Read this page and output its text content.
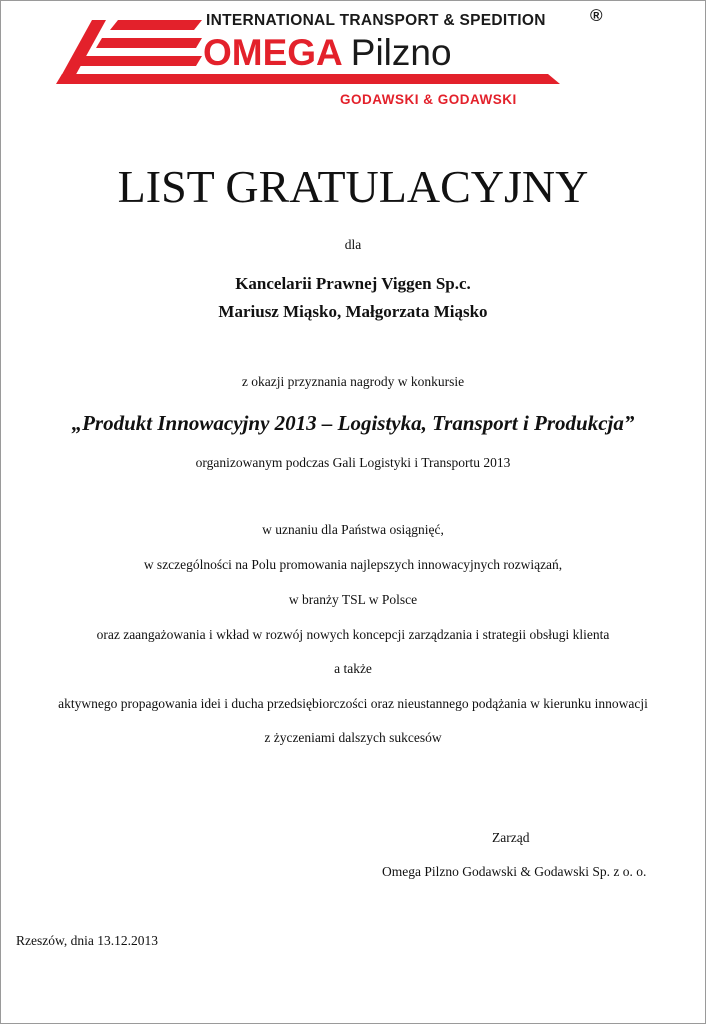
INTERNATIONAL TRANSPORT & SPEDITION	®
OMEGA Pilzno
GODAWSKI & GODAWSKI
LIST GRATULACYJNY
dla
Kancelarii Prawnej Viggen Sp.c.
Mariusz Miąsko, Małgorzata Miąsko
z okazji przyznania nagrody w konkursie
„Produkt Innowacyjny 2013 – Logistyka, Transport i Produkcja”
organizowanym podczas Gali Logistyki i Transportu 2013
w uznaniu dla Państwa osiągnięć,
w szczególności na Polu promowania najlepszych innowacyjnych rozwiązań,
w branży TSL w Polsce
oraz zaangażowania i wkład w rozwój nowych koncepcji zarządzania i strategii obsługi klienta
a także
aktywnego propagowania idei i ducha przedsiębiorczości oraz nieustannego podążania w kierunku innowacji
z życzeniami dalszych sukcesów
Zarząd
Omega Pilzno Godawski & Godawski Sp. z o. o.
Rzeszów, dnia 13.12.2013
